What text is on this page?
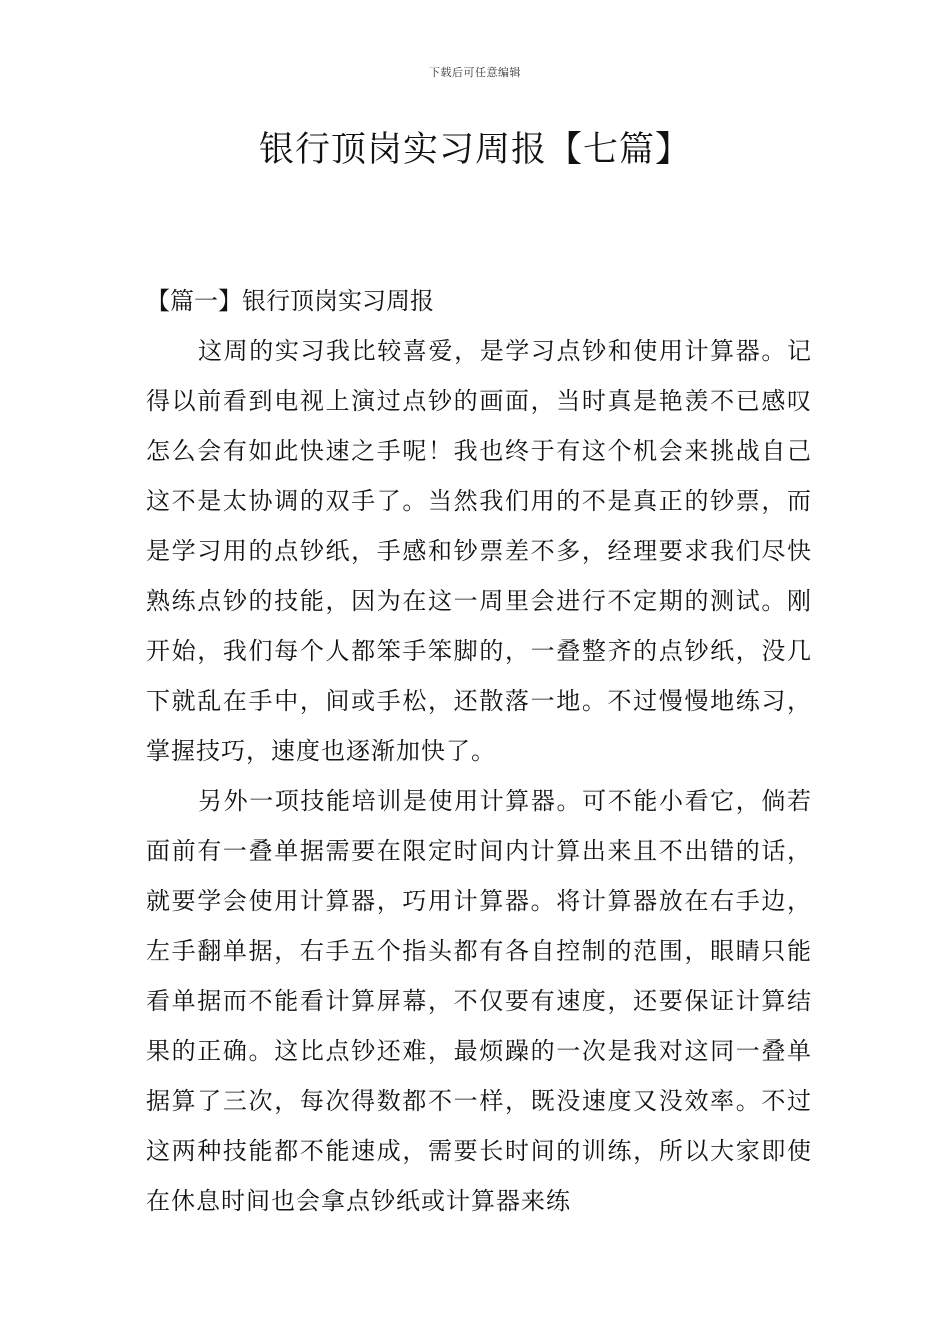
下载后可任意编辑
银行顶岗实习周报【七篇】
【篇一】银行顶岗实习周报

这周的实习我比较喜爱，是学习点钞和使用计算器。记得以前看到电视上演过点钞的画面，当时真是艳羡不已感叹怎么会有如此快速之手呢！我也终于有这个机会来挑战自己这不是太协调的双手了。当然我们用的不是真正的钞票，而是学习用的点钞纸，手感和钞票差不多，经理要求我们尽快熟练点钞的技能，因为在这一周里会进行不定期的测试。刚开始，我们每个人都笨手笨脚的，一叠整齐的点钞纸，没几下就乱在手中，间或手松，还散落一地。不过慢慢地练习，掌握技巧，速度也逐渐加快了。

另外一项技能培训是使用计算器。可不能小看它，倘若面前有一叠单据需要在限定时间内计算出来且不出错的话，就要学会使用计算器，巧用计算器。将计算器放在右手边，左手翻单据，右手五个指头都有各自控制的范围，眼睛只能看单据而不能看计算屏幕，不仅要有速度，还要保证计算结果的正确。这比点钞还难，最烦躁的一次是我对这同一叠单据算了三次，每次得数都不一样，既没速度又没效率。不过这两种技能都不能速成，需要长时间的训练，所以大家即使在休息时间也会拿点钞纸或计算器来练
